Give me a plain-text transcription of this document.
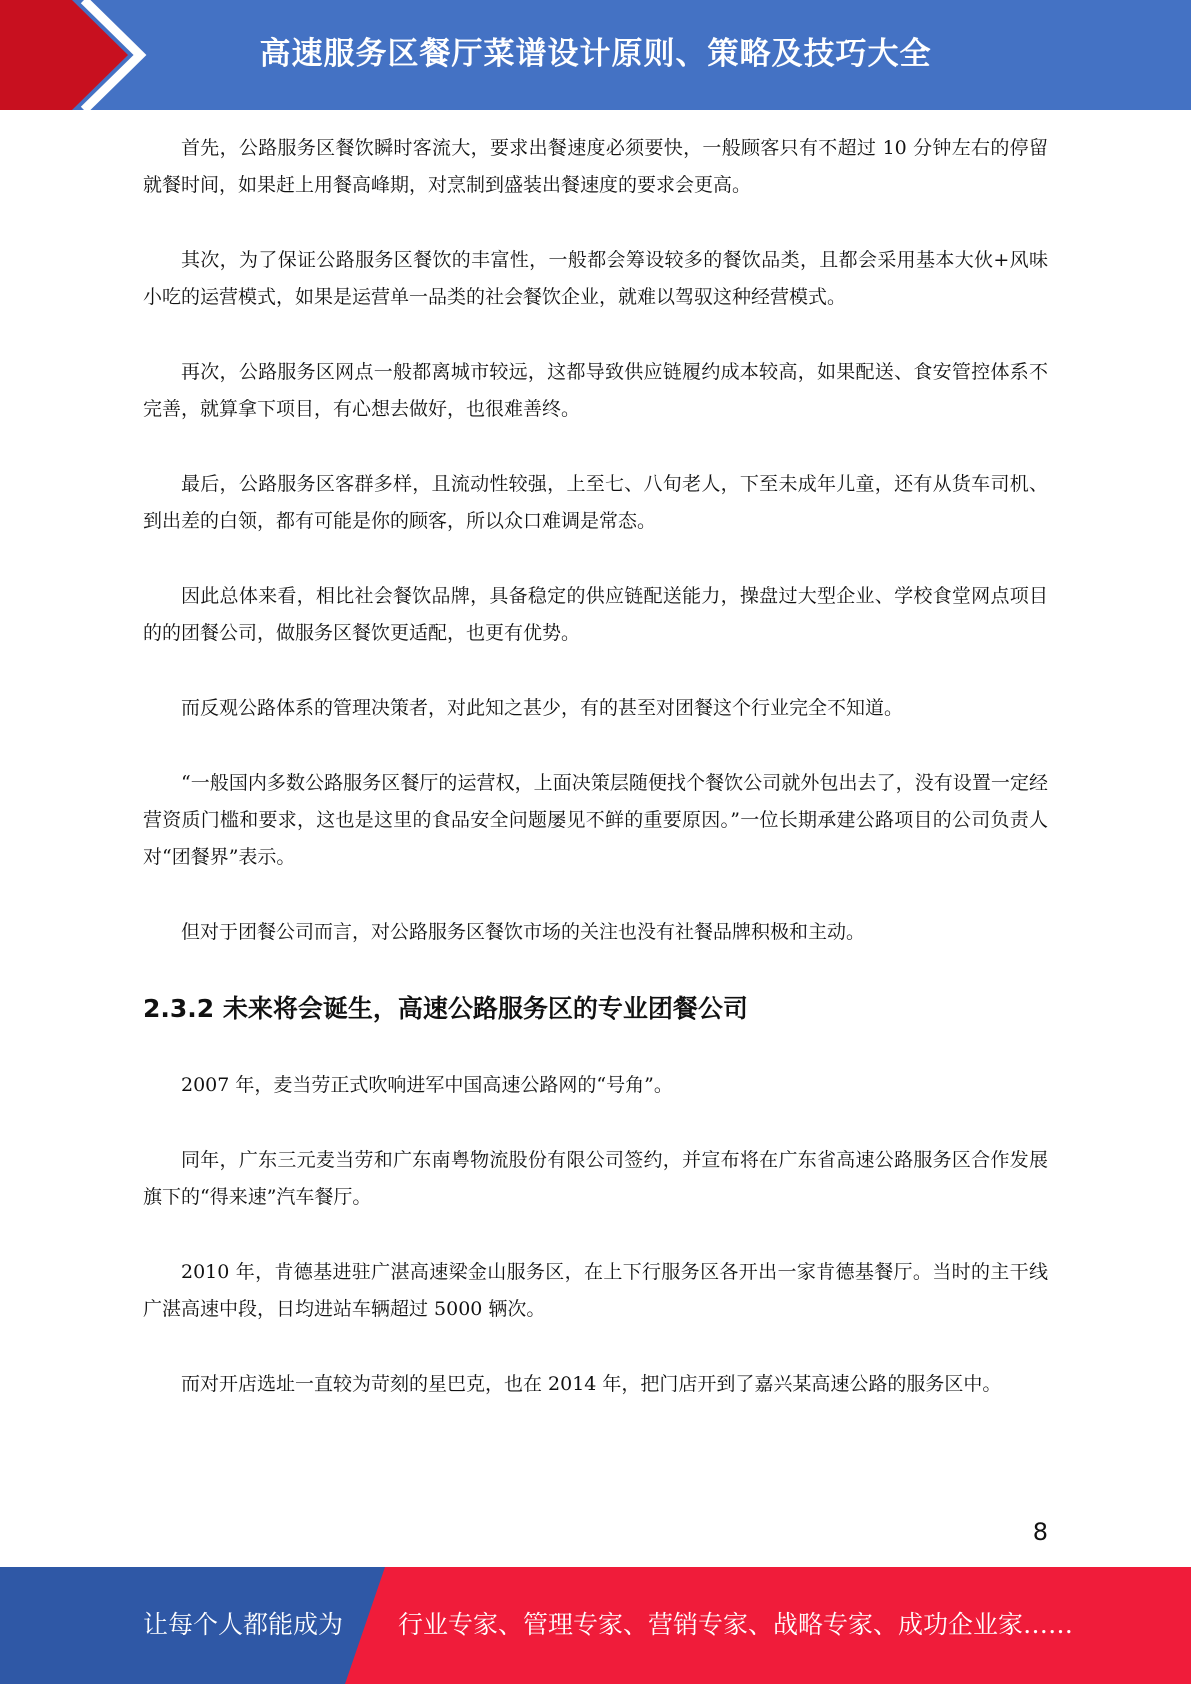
高速服务区餐厅菜谱设计原则、策略及技巧大全

首先，公路服务区餐饮瞬时客流大，要求出餐速度必须要快，一般顾客只有不超过 10 分钟左右的停留就餐时间，如果赶上用餐高峰期，对烹制到盛装出餐速度的要求会更高。

其次，为了保证公路服务区餐饮的丰富性，一般都会筹设较多的餐饮品类，且都会采用基本大伙+风味小吃的运营模式，如果是运营单一品类的社会餐饮企业，就难以驾驭这种经营模式。

再次，公路服务区网点一般都离城市较远，这都导致供应链履约成本较高，如果配送、食安管控体系不完善，就算拿下项目，有心想去做好，也很难善终。

最后，公路服务区客群多样，且流动性较强，上至七、八旬老人，下至未成年儿童，还有从货车司机、到出差的白领，都有可能是你的顾客，所以众口难调是常态。

因此总体来看，相比社会餐饮品牌，具备稳定的供应链配送能力，操盘过大型企业、学校食堂网点项目的的团餐公司，做服务区餐饮更适配，也更有优势。

而反观公路体系的管理决策者，对此知之甚少，有的甚至对团餐这个行业完全不知道。

“一般国内多数公路服务区餐厅的运营权，上面决策层随便找个餐饮公司就外包出去了，没有设置一定经营资质门槛和要求，这也是这里的食品安全问题屡见不鲜的重要原因。”一位长期承建公路项目的公司负责人对“团餐界”表示。

但对于团餐公司而言，对公路服务区餐饮市场的关注也没有社餐品牌积极和主动。

2.3.2 未来将会诞生，高速公路服务区的专业团餐公司

2007 年，麦当劳正式吹响进军中国高速公路网的“号角”。

同年，广东三元麦当劳和广东南粤物流股份有限公司签约，并宣布将在广东省高速公路服务区合作发展旗下的“得来速”汽车餐厅。

2010 年，肯德基进驻广湛高速梁金山服务区，在上下行服务区各开出一家肯德基餐厅。当时的主干线广湛高速中段，日均进站车辆超过 5000 辆次。

而对开店选址一直较为苛刻的星巴克，也在 2014 年，把门店开到了嘉兴某高速公路的服务区中。

8
让每个人都能成为 行业专家、管理专家、营销专家、战略专家、成功企业家……
